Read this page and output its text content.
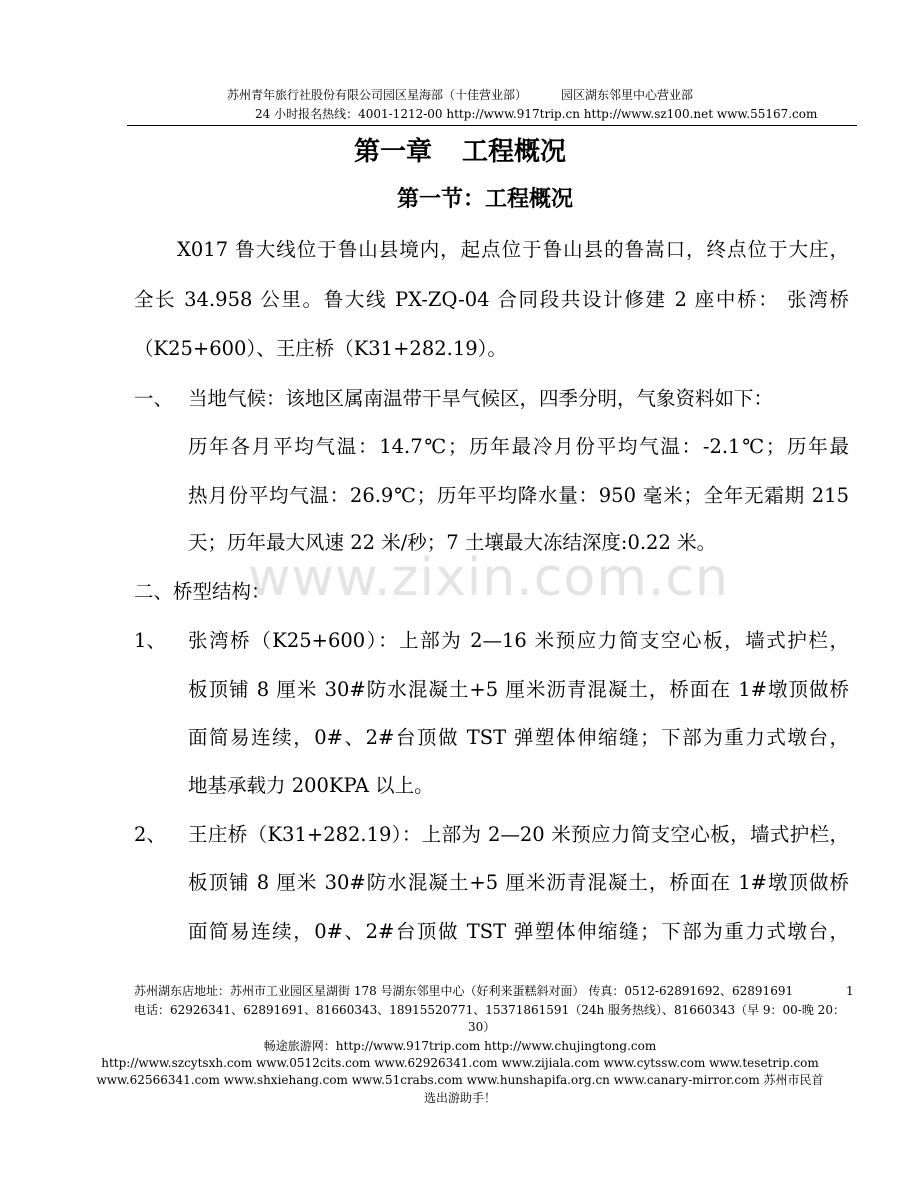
苏州青年旅行社股份有限公司园区星海部（十佳营业部）	园区湖东邻里中心营业部
24 小时报名热线：4001-1212-00 http://www.917trip.cn http://www.sz100.net www.55167.com
第一章 工程概况
第一节：工程概况
X017 鲁大线位于鲁山县境内，起点位于鲁山县的鲁嵩口，终点位于大庄，
全长 34.958 公里。鲁大线 PX-ZQ-04 合同段共设计修建 2 座中桥： 张湾桥
（K25+600）、王庄桥（K31+282.19）。
一、 当地气候：该地区属南温带干旱气候区，四季分明，气象资料如下：
历年各月平均气温：14.7℃；历年最冷月份平均气温：-2.1℃；历年最
热月份平均气温：26.9℃；历年平均降水量：950 毫米；全年无霜期 215
天；历年最大风速 22 米/秒；7 土壤最大冻结深度:0.22 米。
www.zixin.com.cn
二、桥型结构：
1、 张湾桥（K25+600）：上部为 2—16 米预应力简支空心板，墙式护栏，
板顶铺 8 厘米 30#防水混凝土+5 厘米沥青混凝土，桥面在 1#墩顶做桥
面简易连续，0#、2#台顶做 TST 弹塑体伸缩缝；下部为重力式墩台，
地基承载力 200KPA 以上。
2、 王庄桥（K31+282.19）：上部为 2—20 米预应力简支空心板，墙式护栏，
板顶铺 8 厘米 30#防水混凝土+5 厘米沥青混凝土，桥面在 1#墩顶做桥
面简易连续，0#、2#台顶做 TST 弹塑体伸缩缝；下部为重力式墩台，
苏州湖东店地址：苏州市工业园区星湖街 178 号湖东邻里中心（好利来蛋糕斜对面） 传真：0512-62891692、62891691	1
电话：62926341、62891691、81660343、18915520771、15371861591（24h 服务热线）、81660343（早 9：00-晚 20：
30）
畅途旅游网：http://www.917trip.com http://www.chujingtong.com
http://www.szcytsxh.com www.0512cits.com www.62926341.com www.zijiala.com www.cytssw.com www.tesetrip.com
www.62566341.com www.shxiehang.com www.51crabs.com www.hunshapifa.org.cn www.canary-mirror.com 苏州市民首
选出游助手！
